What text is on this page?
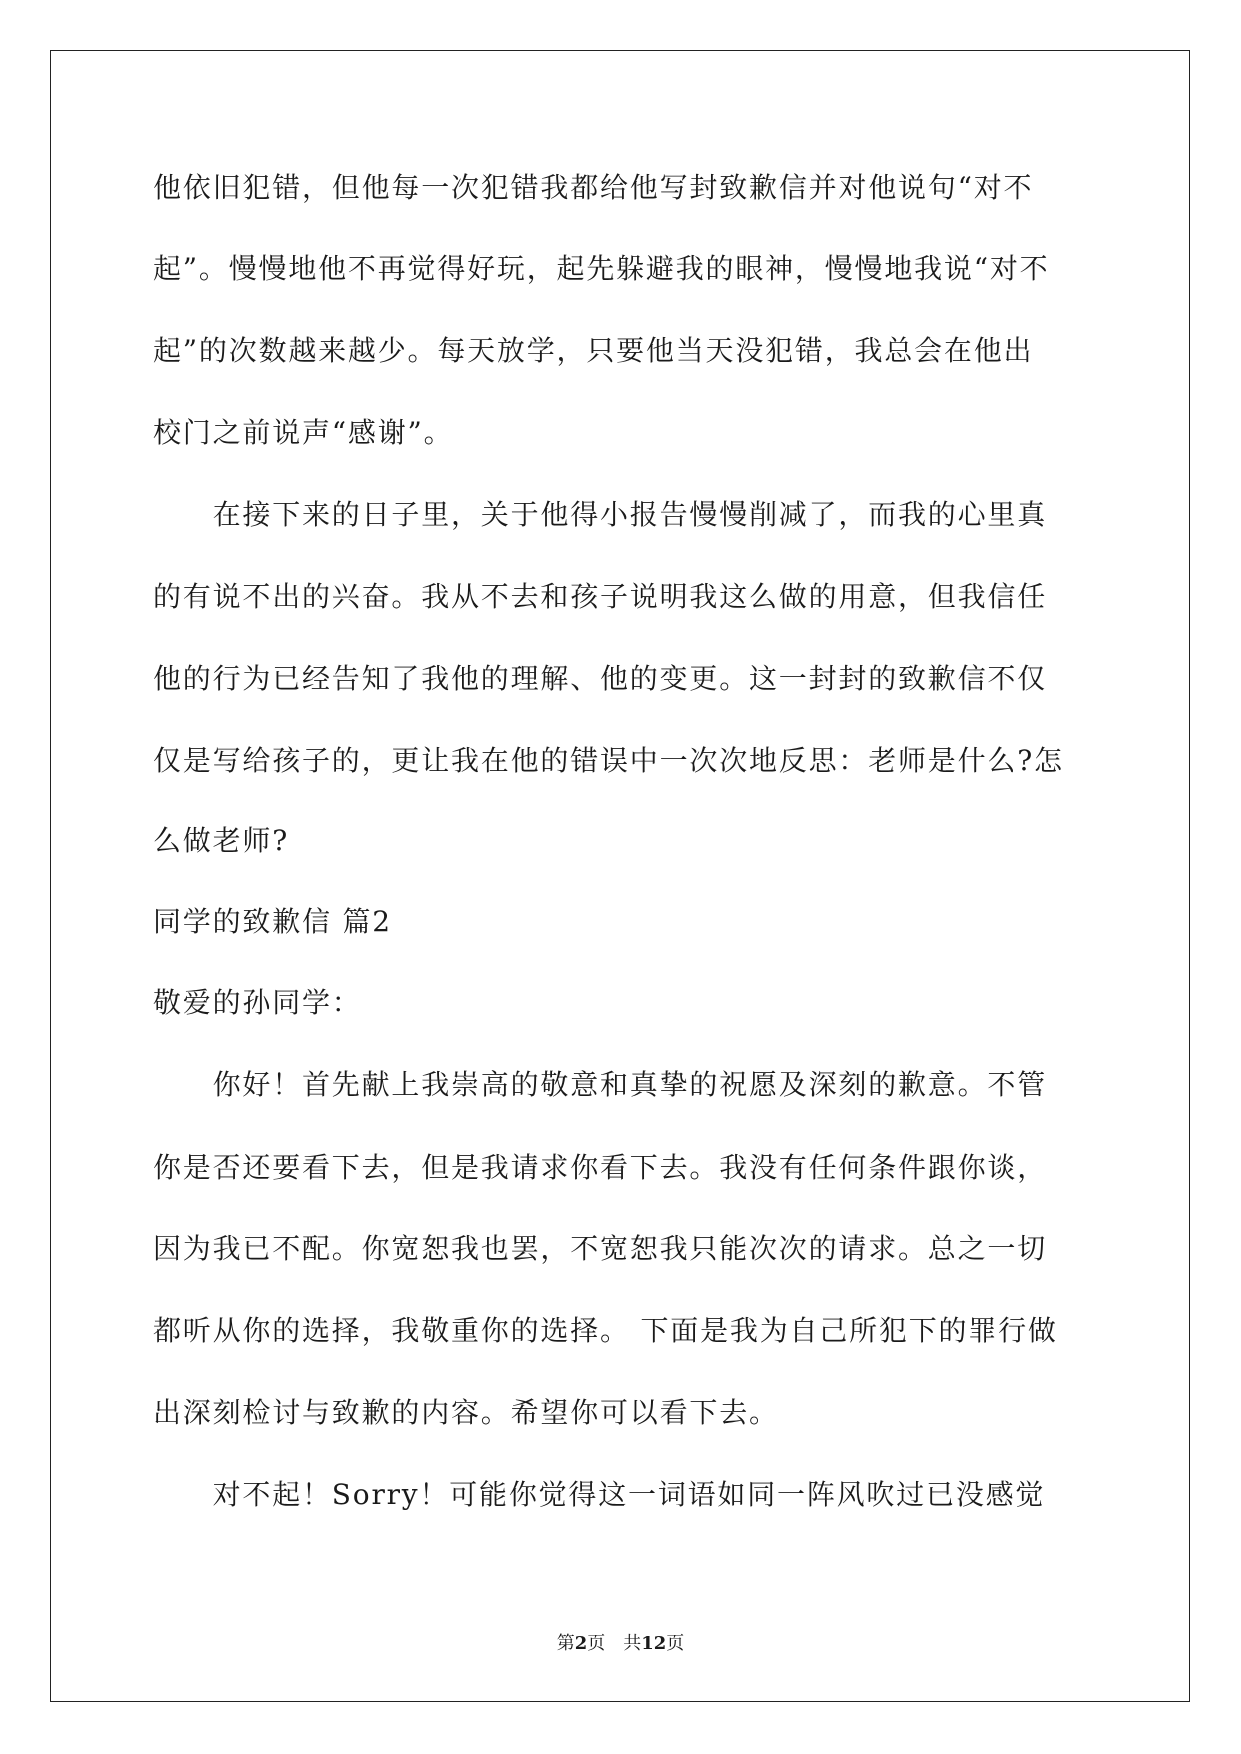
他依旧犯错，但他每一次犯错我都给他写封致歉信并对他说句“对不
起”。慢慢地他不再觉得好玩，起先躲避我的眼神，慢慢地我说“对不
起”的次数越来越少。每天放学，只要他当天没犯错，我总会在他出
校门之前说声“感谢”。
　　在接下来的日子里，关于他得小报告慢慢削减了，而我的心里真
的有说不出的兴奋。我从不去和孩子说明我这么做的用意，但我信任
他的行为已经告知了我他的理解、他的变更。这一封封的致歉信不仅
仅是写给孩子的，更让我在他的错误中一次次地反思：老师是什么?怎
么做老师?
同学的致歉信 篇2
敬爱的孙同学：
　　你好！首先献上我崇高的敬意和真挚的祝愿及深刻的歉意。不管
你是否还要看下去，但是我请求你看下去。我没有任何条件跟你谈，
因为我已不配。你宽恕我也罢，不宽恕我只能次次的请求。总之一切
都听从你的选择，我敬重你的选择。 下面是我为自己所犯下的罪行做
出深刻检讨与致歉的内容。希望你可以看下去。
　　对不起！Sorry！可能你觉得这一词语如同一阵风吹过已没感觉
第2页　共12页
